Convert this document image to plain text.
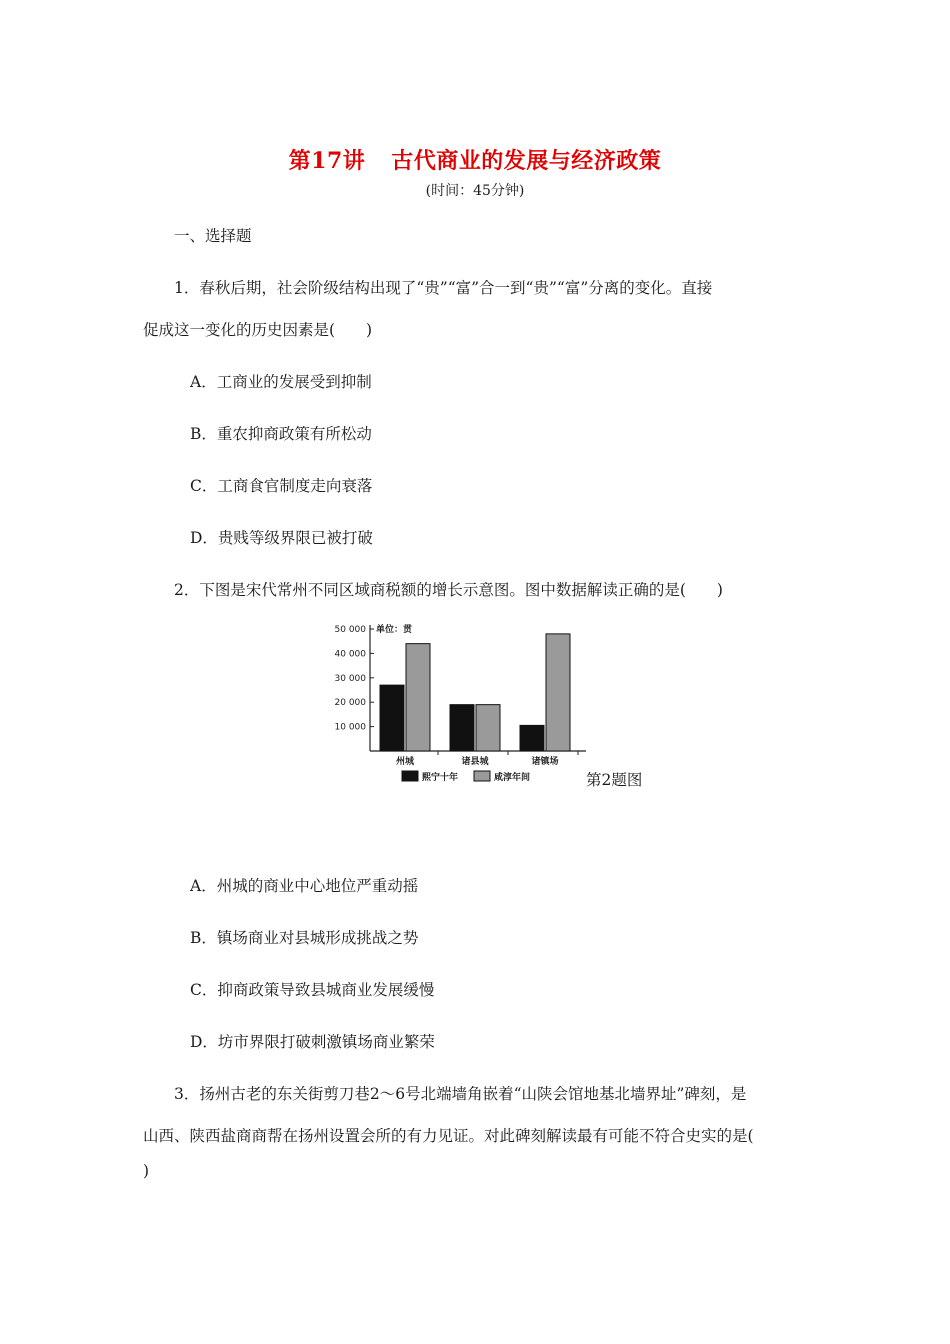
第17讲 古代商业的发展与经济政策
(时间：45分钟)
一、选择题
1．春秋后期，社会阶级结构出现了“贵”“富”合一到“贵”“富”分离的变化。直接
促成这一变化的历史因素是(　　)
A．工商业的发展受到抑制
B．重农抑商政策有所松动
C．工商食官制度走向衰落
D．贵贱等级界限已被打破
2．下图是宋代常州不同区域商税额的增长示意图。图中数据解读正确的是(　　)
10 000
20 000
30 000
40 000
50 000 单位：贯
州城	诸县城	诸镇场
熙宁十年	咸淳年间	第2题图
A．州城的商业中心地位严重动摇
B．镇场商业对县城形成挑战之势
C．抑商政策导致县城商业发展缓慢
D．坊市界限打破刺激镇场商业繁荣
3．扬州古老的东关街剪刀巷2～6号北端墙角嵌着“山陕会馆地基北墙界址”碑刻，是
山西、陕西盐商商帮在扬州设置会所的有力见证。对此碑刻解读最有可能不符合史实的是(
)
